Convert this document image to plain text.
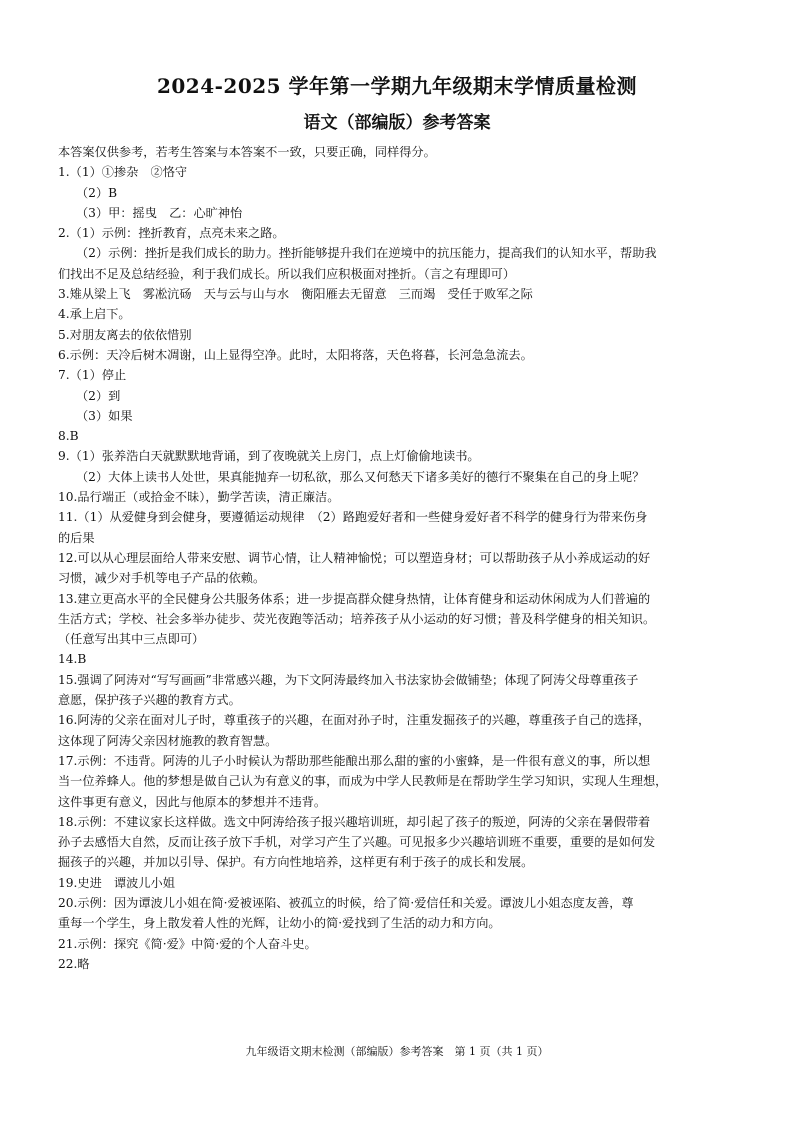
2024-2025 学年第一学期九年级期末学情质量检测
语文（部编版）参考答案
本答案仅供参考，若考生答案与本答案不一致，只要正确，同样得分。
1.（1）①掺杂　②恪守
（2）B
（3）甲：摇曳　乙：心旷神怡
2.（1）示例：挫折教育，点亮未来之路。
（2）示例：挫折是我们成长的助力。挫折能够提升我们在逆境中的抗压能力，提高我们的认知水平，帮助我
们找出不足及总结经验，利于我们成长。所以我们应积极面对挫折。（言之有理即可）
3.雉从梁上飞　雾凇沆砀　天与云与山与水　衡阳雁去无留意　三而竭　受任于败军之际
4.承上启下。
5.对朋友离去的依依惜别
6.示例：天冷后树木凋谢，山上显得空净。此时，太阳将落，天色将暮，长河急急流去。
7.（1）停止
（2）到
（3）如果
8.B
9.（1）张养浩白天就默默地背诵，到了夜晚就关上房门，点上灯偷偷地读书。
（2）大体上读书人处世，果真能抛弃一切私欲，那么又何愁天下诸多美好的德行不聚集在自己的身上呢？
10.品行端正（或拾金不昧），勤学苦读，清正廉洁。
11.（1）从爱健身到会健身，要遵循运动规律　（2）路跑爱好者和一些健身爱好者不科学的健身行为带来伤身
的后果
12.可以从心理层面给人带来安慰、调节心情，让人精神愉悦；可以塑造身材；可以帮助孩子从小养成运动的好
习惯，减少对手机等电子产品的依赖。
13.建立更高水平的全民健身公共服务体系；进一步提高群众健身热情，让体育健身和运动休闲成为人们普遍的
生活方式；学校、社会多举办徒步、荧光夜跑等活动；培养孩子从小运动的好习惯；普及科学健身的相关知识。
（任意写出其中三点即可）
14.B
15.强调了阿涛对“写写画画”非常感兴趣，为下文阿涛最终加入书法家协会做铺垫；体现了阿涛父母尊重孩子
意愿，保护孩子兴趣的教育方式。
16.阿涛的父亲在面对儿子时，尊重孩子的兴趣，在面对孙子时，注重发掘孩子的兴趣，尊重孩子自己的选择，
这体现了阿涛父亲因材施教的教育智慧。
17.示例：不违背。阿涛的儿子小时候认为帮助那些能酿出那么甜的蜜的小蜜蜂，是一件很有意义的事，所以想
当一位养蜂人。他的梦想是做自己认为有意义的事，而成为中学人民教师是在帮助学生学习知识，实现人生理想，
这件事更有意义，因此与他原本的梦想并不违背。
18.示例：不建议家长这样做。选文中阿涛给孩子报兴趣培训班，却引起了孩子的叛逆，阿涛的父亲在暑假带着
孙子去感悟大自然，反而让孩子放下手机，对学习产生了兴趣。可见报多少兴趣培训班不重要，重要的是如何发
掘孩子的兴趣，并加以引导、保护。有方向性地培养，这样更有利于孩子的成长和发展。
19.史进　谭波儿小姐
20.示例：因为谭波儿小姐在简·爱被诬陷、被孤立的时候，给了简·爱信任和关爱。谭波儿小姐态度友善，尊
重每一个学生，身上散发着人性的光辉，让幼小的简·爱找到了生活的动力和方向。
21.示例：探究《简·爱》中简·爱的个人奋斗史。
22.略
九年级语文期末检测（部编版）参考答案　第 1 页（共 1 页）
